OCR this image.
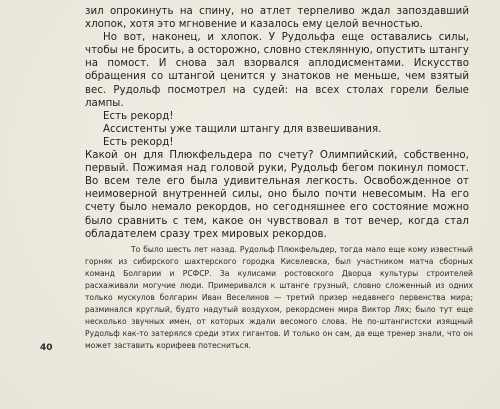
зил опрокинуть на спину, но атлет терпеливо ждал запоздавший хлопок, хотя это мгновение и казалось ему целой вечностью.

Но вот, наконец, и хлопок. У Рудольфа еще оставались силы, чтобы не бросить, а осторожно, словно стеклянную, опустить штангу на помост. И снова зал взорвался аплодисментами. Искусство обращения со штангой ценится у знатоков не меньше, чем взятый вес. Рудольф посмотрел на судей: на всех столах горели белые лампы.

Есть рекорд!

Ассистенты уже тащили штангу для взвешивания.

Есть рекорд!

Какой он для Плюкфельдера по счету? Олимпийский, собственно, первый. Пожимая над головой руки, Рудольф бегом покинул помост. Во всем теле его была удивительная легкость. Освобожденное от неимоверной внутренней силы, оно было почти невесомым. На его счету было немало рекордов, но сегодняшнее его состояние можно было сравнить с тем, какое он чувствовал в тот вечер, когда стал обладателем сразу трех мировых рекордов.

То было шесть лет назад. Рудольф Плюкфельдер, тогда мало еще кому известный горняк из сибирского шахтерского городка Киселевска, был участником матча сборных команд Болгарии и РСФСР. За кулисами ростовского Дворца культуры строителей расхаживали могучие люди. Примеривался к штанге грузный, словно сложенный из одних только мускулов болгарин Иван Веселинов — третий призер недавнего первенства мира; разминался круглый, будто надутый воздухом, рекордсмен мира Виктор Лях; было тут еще несколько звучных имен, от которых ждали весомого слова. Не по-штангистски изящный Рудольф как-то затерялся среди этих гигантов. И только он сам, да еще тренер знали, что он может заставить корифеев потесниться.

40
